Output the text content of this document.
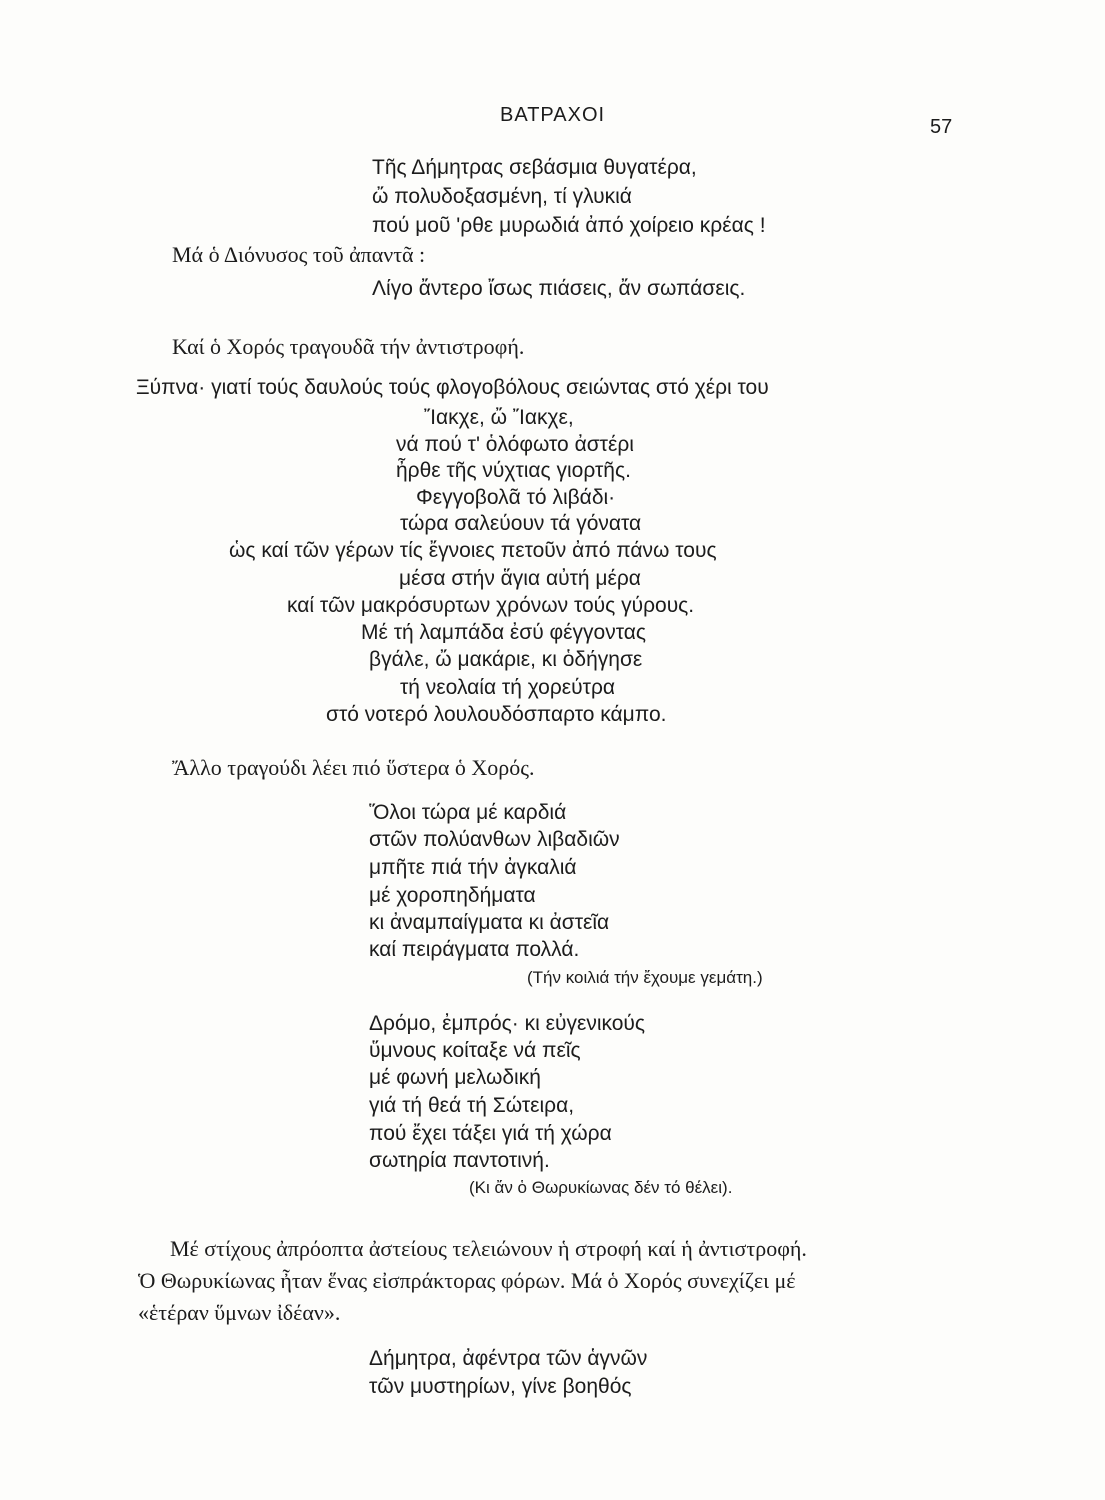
ΒΑΤΡΑΧΟΙ
57
Τῆς Δήμητρας σεβάσμια θυγατέρα,
ὤ πολυδοξασμένη, τί γλυκιά
πού μοῦ 'ρθε μυρωδιά ἀπό χοίρειο κρέας !
Μά ὁ Διόνυσος τοῦ ἀπαντᾶ :
Λίγο ἄντερο ἴσως πιάσεις, ἄν σωπάσεις.
Καί ὁ Χορός τραγουδᾶ τήν ἀντιστροφή.
Ξύπνα· γιατί τούς δαυλούς τούς φλογοβόλους σειώντας στό χέρι του
Ἴακχε, ὤ Ἴακχε,
νά πού τ' ὁλόφωτο ἀστέρι
ἦρθε τῆς νύχτιας γιορτῆς.
Φεγγοβολᾶ τό λιβάδι·
τώρα σαλεύουν τά γόνατα
ὡς καί τῶν γέρων τίς ἔγνοιες πετοῦν ἀπό πάνω τους
μέσα στήν ἅγια αὐτή μέρα
καί τῶν μακρόσυρτων χρόνων τούς γύρους.
Μέ τή λαμπάδα ἐσύ φέγγοντας
βγάλε, ὤ μακάριε, κι ὁδήγησε
τή νεολαία τή χορεύτρα
στό νοτερό λουλουδόσπαρτο κάμπο.
Ἄλλο τραγούδι λέει πιό ὕστερα ὁ Χορός.
Ὅλοι τώρα μέ καρδιά
στῶν πολύανθων λιβαδιῶν
μπῆτε πιά τήν ἀγκαλιά
μέ χοροπηδήματα
κι ἀναμπαίγματα κι ἀστεῖα
καί πειράγματα πολλά.
(Τήν κοιλιά τήν ἔχουμε γεμάτη.)
Δρόμο, ἐμπρός· κι εὐγενικούς
ὕμνους κοίταξε νά πεῖς
μέ φωνή μελωδική
γιά τή θεά τή Σώτειρα,
πού ἔχει τάξει γιά τή χώρα
σωτηρία παντοτινή.
(Κι ἄν ὁ Θωρυκίωνας δέν τό θέλει).
Μέ στίχους ἀπρόοπτα ἀστείους τελειώνουν ἡ στροφή καί ἡ ἀντιστροφή.
Ὁ Θωρυκίωνας ἦταν ἕνας εἰσπράκτορας φόρων. Μά ὁ Χορός συνεχίζει μέ
«ἑτέραν ὕμνων ἰδέαν».
Δήμητρα, ἀφέντρα τῶν ἁγνῶν
τῶν μυστηρίων, γίνε βοηθός
